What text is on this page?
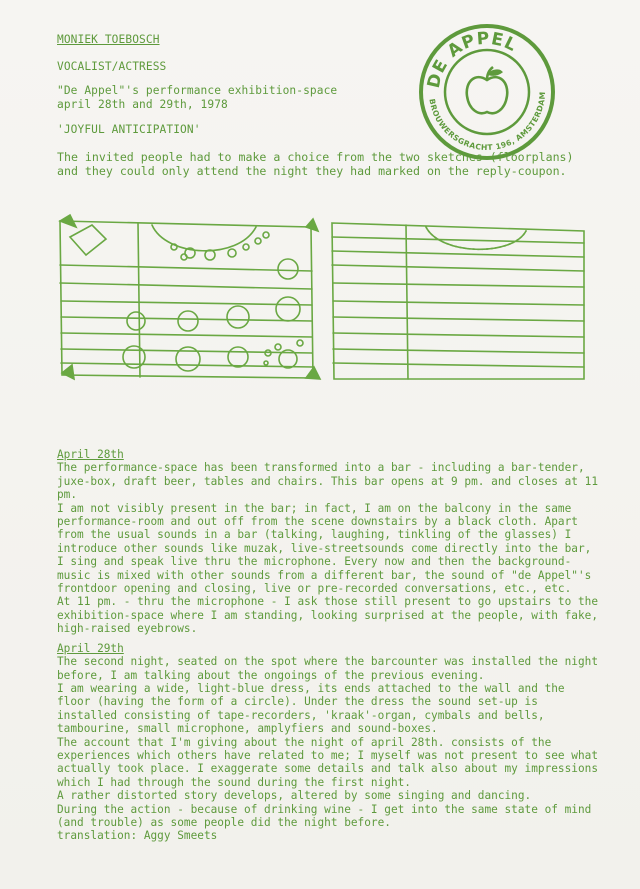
MONIEK TOEBOSCH
VOCALIST/ACTRESS
"De Appel"'s performance exhibition-space
april 28th and 29th, 1978
'JOYFUL ANTICIPATION'
DE APPEL
BROUWERSGRACHT 196, AMSTERDAM
The invited people had to make a choice from the two sketches (floorplans) and they could only attend the night they had marked on the reply-coupon.
April 28th

The performance-space has been transformed into a bar - including a bar-tender, juxe-box, draft beer, tables and chairs. This bar opens at 9 pm. and closes at 11 pm.

I am not visibly present in the bar; in fact, I am on the balcony in the same performance-room and out off from the scene downstairs by a black cloth. Apart from the usual sounds in a bar (talking, laughing, tinkling of the glasses) I introduce other sounds like muzak, live-streetsounds come directly into the bar, I sing and speak live thru the microphone. Every now and then the background-music is mixed with other sounds from a different bar, the sound of "de Appel"'s frontdoor opening and closing, live or pre-recorded conversations, etc., etc.

At 11 pm. - thru the microphone - I ask those still present to go upstairs to the exhibition-space where I am standing, looking surprised at the people, with fake, high-raised eyebrows.

April 29th

The second night, seated on the spot where the barcounter was installed the night before, I am talking about the ongoings of the previous evening.

I am wearing a wide, light-blue dress, its ends attached to the wall and the floor (having the form of a circle). Under the dress the sound set-up is installed consisting of tape-recorders, 'kraak'-organ, cymbals and bells, tambourine, small microphone, amplyfiers and sound-boxes.

The account that I'm giving about the night of april 28th. consists of the experiences which others have related to me; I myself was not present to see what actually took place. I exaggerate some details and talk also about my impressions which I had through the sound during the first night.

A rather distorted story develops, altered by some singing and dancing.

During the action - because of drinking wine - I get into the same state of mind (and trouble) as some people did the night before.

translation: Aggy Smeets
